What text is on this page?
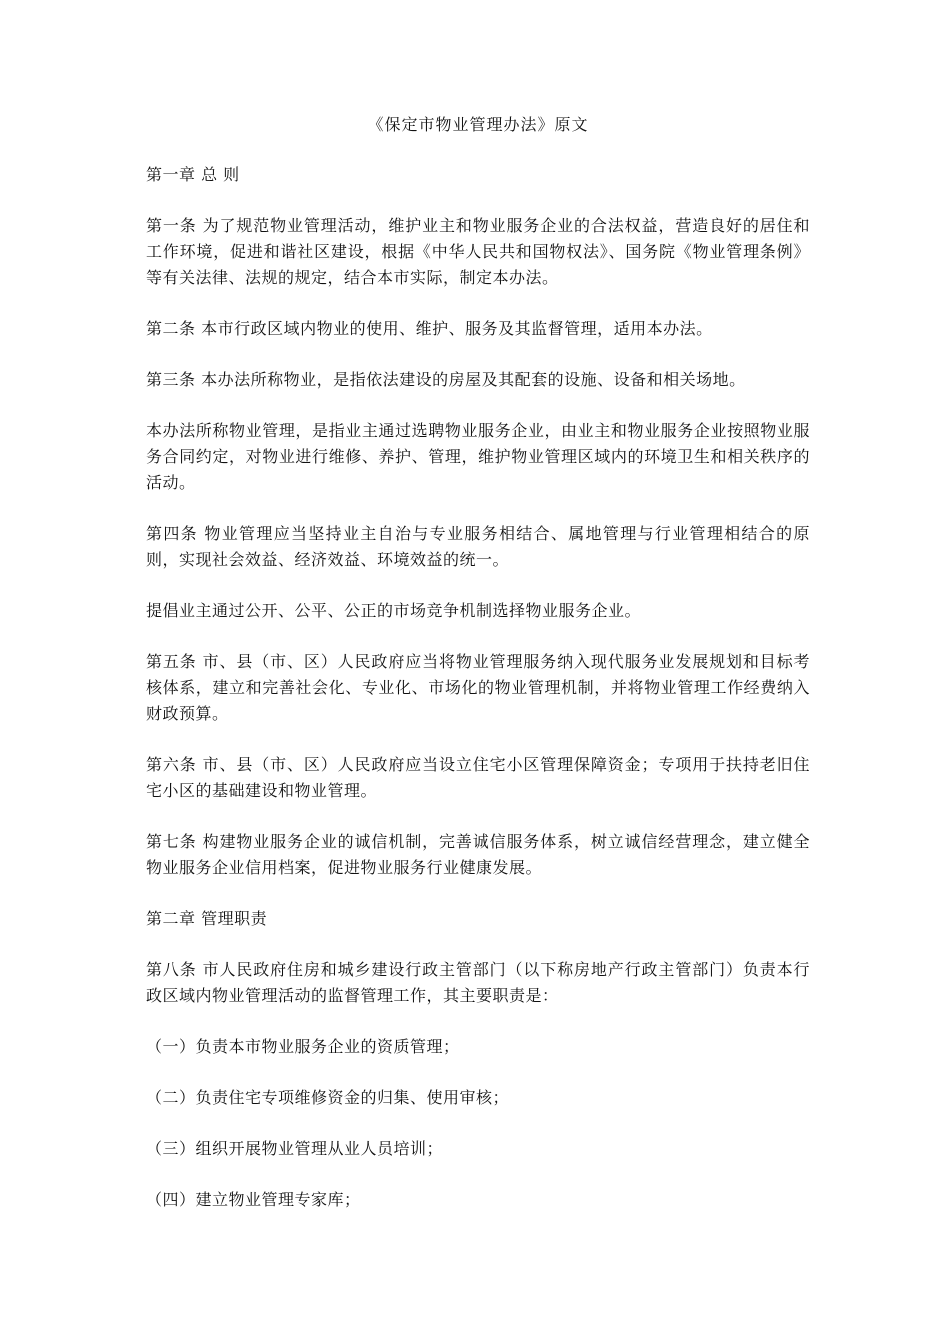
《保定市物业管理办法》原文

第一章 总 则

第一条 为了规范物业管理活动，维护业主和物业服务企业的合法权益，营造良好的居住和工作环境，促进和谐社区建设，根据《中华人民共和国物权法》、国务院《物业管理条例》等有关法律、法规的规定，结合本市实际，制定本办法。

第二条 本市行政区域内物业的使用、维护、服务及其监督管理，适用本办法。

第三条 本办法所称物业，是指依法建设的房屋及其配套的设施、设备和相关场地。

本办法所称物业管理，是指业主通过选聘物业服务企业，由业主和物业服务企业按照物业服务合同约定，对物业进行维修、养护、管理，维护物业管理区域内的环境卫生和相关秩序的活动。

第四条 物业管理应当坚持业主自治与专业服务相结合、属地管理与行业管理相结合的原则，实现社会效益、经济效益、环境效益的统一。

提倡业主通过公开、公平、公正的市场竞争机制选择物业服务企业。

第五条 市、县（市、区）人民政府应当将物业管理服务纳入现代服务业发展规划和目标考核体系，建立和完善社会化、专业化、市场化的物业管理机制，并将物业管理工作经费纳入财政预算。

第六条 市、县（市、区）人民政府应当设立住宅小区管理保障资金；专项用于扶持老旧住宅小区的基础建设和物业管理。

第七条 构建物业服务企业的诚信机制，完善诚信服务体系，树立诚信经营理念，建立健全物业服务企业信用档案，促进物业服务行业健康发展。

第二章 管理职责

第八条 市人民政府住房和城乡建设行政主管部门（以下称房地产行政主管部门）负责本行政区域内物业管理活动的监督管理工作，其主要职责是：

（一）负责本市物业服务企业的资质管理；

（二）负责住宅专项维修资金的归集、使用审核；

（三）组织开展物业管理从业人员培训；

（四）建立物业管理专家库；
